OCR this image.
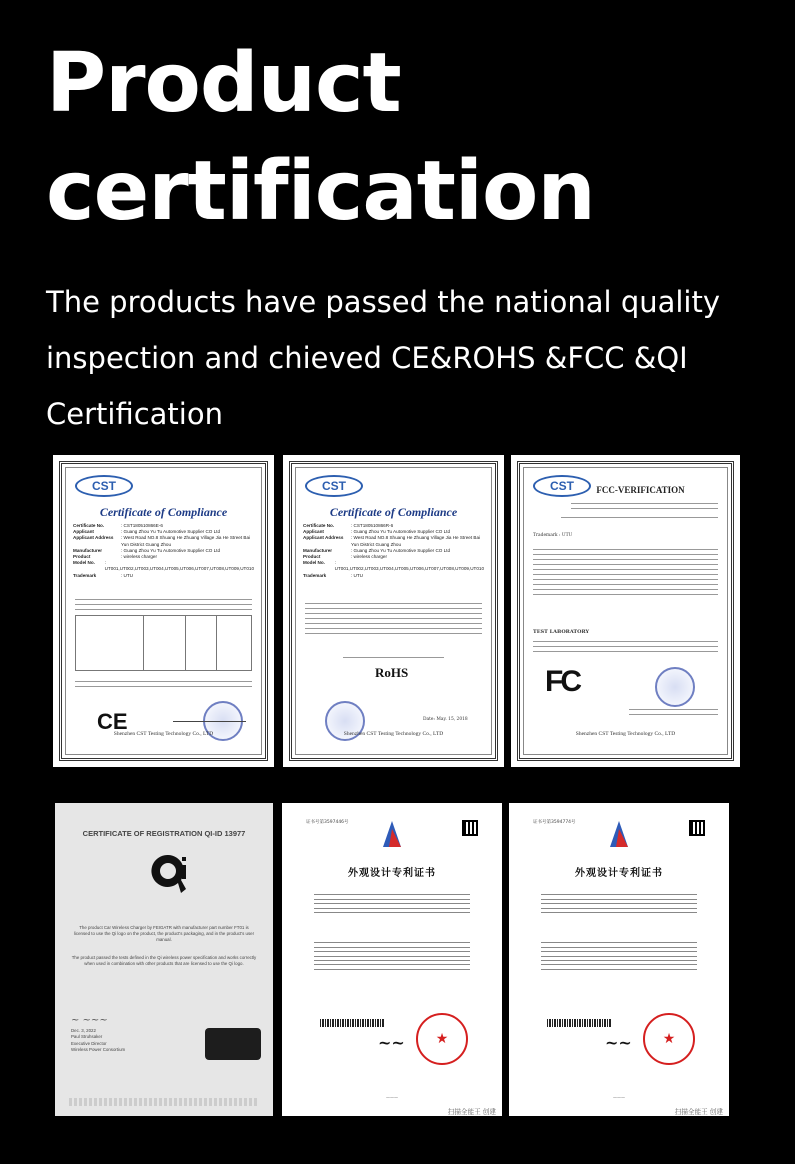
Product
certification
The products have passed the national quality
inspection and chieved CE&ROHS &FCC &QI
Certification
CST
Certificate of Compliance
Certificate No.	: CST180510866E-6
Applicant	: Guang Zhou Yu Tu Automotive Supplier CO Ltd
Applicant Address	: West Road NO.8 Shuang He Zhuang Village Jia He Street Bai Yun District Guang Zhou
Manufacturer	: Guang Zhou Yu Tu Automotive Supplier CO Ltd
Product	: wireless charger
Model No.	: UT001,UT002,UT003,UT004,UT005,UT006,UT007,UT008,UT009,UT010
Trademark	: UTU
CE
Shenzhen CST Testing Technology Co., LTD
CST
Certificate of Compliance
Certificate No.	: CST180510866R-6
Applicant	: Guang Zhou Yu Tu Automotive Supplier CO Ltd
Applicant Address	: West Road NO.8 Shuang He Zhuang Village Jia He Street Bai Yun District Guang Zhou
Manufacturer	: Guang Zhou Yu Tu Automotive Supplier CO Ltd
Product	: wireless charger
Model No.	: UT001,UT002,UT003,UT004,UT005,UT006,UT007,UT008,UT009,UT010
Trademark	: UTU
RoHS
Date: May. 15, 2018
Shenzhen CST Testing Technology Co., LTD
CST	FCC-VERIFICATION
Trademark : UTU
TEST LABORATORY
FC
Shenzhen CST Testing Technology Co., LTD
CERTIFICATE OF REGISTRATION QI-ID 13977
The product Car Wireless Charger by FEIGATR with manufacturer part number FT01 is licensed to use the Qi logo on the product, the product's packaging, and in the product's user manual.
The product passed the tests defined in the Qi wireless power specification and works correctly when used in combination with other products that are licensed to use the Qi logo.
~ ~~~
Dec. 3, 2022
Paul Struhsaker
Executive Director
Wireless Power Consortium
证书号第3597446号
外观设计专利证书
~~ ★
———
扫描全能王 创建
证书号第3594774号
外观设计专利证书
~~ ★
———
扫描全能王 创建
